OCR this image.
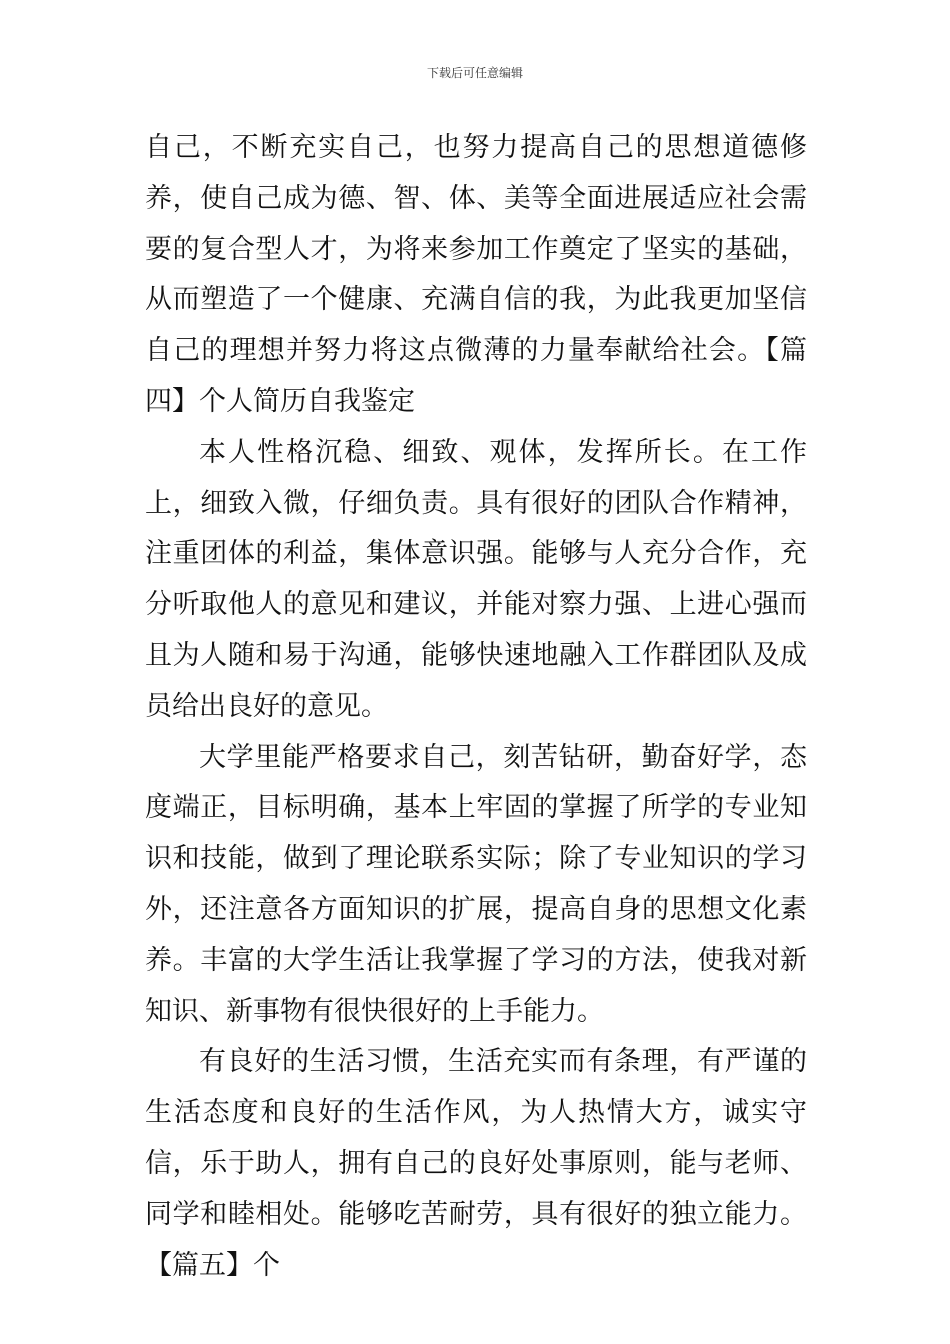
下载后可任意编辑

自己，不断充实自己，也努力提高自己的思想道德修养，使自己成为德、智、体、美等全面进展适应社会需要的复合型人才，为将来参加工作奠定了坚实的基础，从而塑造了一个健康、充满自信的我，为此我更加坚信自己的理想并努力将这点微薄的力量奉献给社会。【篇四】个人简历自我鉴定

本人性格沉稳、细致、观体，发挥所长。在工作上，细致入微，仔细负责。具有很好的团队合作精神，注重团体的利益，集体意识强。能够与人充分合作，充分听取他人的意见和建议，并能对察力强、上进心强而且为人随和易于沟通，能够快速地融入工作群团队及成员给出良好的意见。

大学里能严格要求自己，刻苦钻研，勤奋好学，态度端正，目标明确，基本上牢固的掌握了所学的专业知识和技能，做到了理论联系实际；除了专业知识的学习外，还注意各方面知识的扩展，提高自身的思想文化素养。丰富的大学生活让我掌握了学习的方法，使我对新知识、新事物有很快很好的上手能力。

有良好的生活习惯，生活充实而有条理，有严谨的生活态度和良好的生活作风，为人热情大方，诚实守信，乐于助人，拥有自己的良好处事原则，能与老师、同学和睦相处。能够吃苦耐劳，具有很好的独立能力。【篇五】个
